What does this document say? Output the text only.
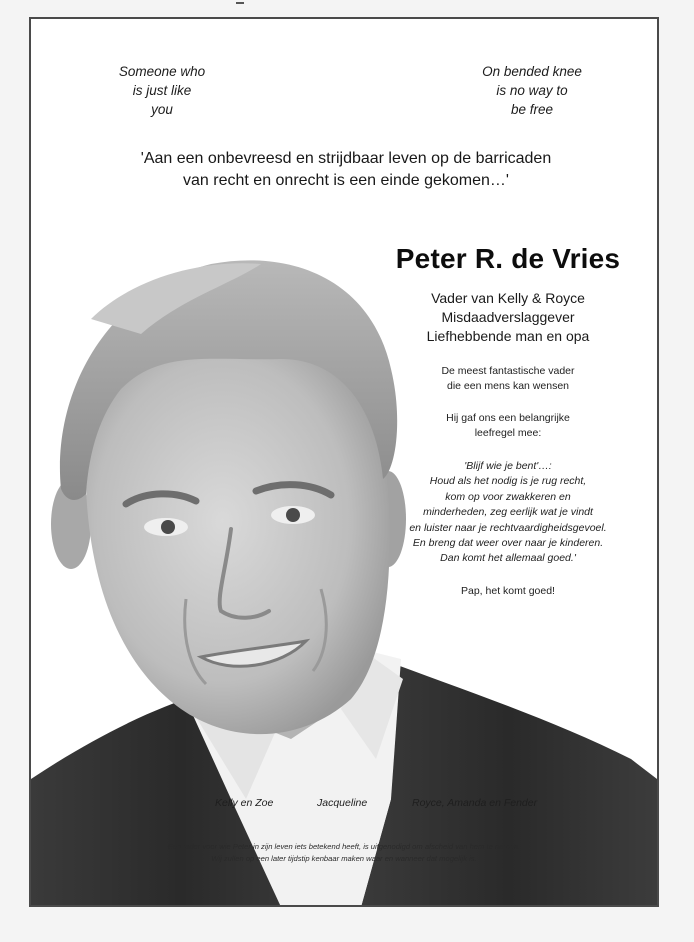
Someone who
is just like
you
On bended knee
is no way to
be free
'Aan een onbevreesd en strijdbaar leven op de barricaden
van recht en onrecht is een einde gekomen…'
Peter R. de Vries
Vader van Kelly & Royce
Misdaadverslaggever
Liefhebbende man en opa
De meest fantastische vader
die een mens kan wensen
Hij gaf ons een belangrijke
leefregel mee:
'Blijf wie je bent'…:
Houd als het nodig is je rug recht,
kom op voor zwakkeren en
minderheden, zeg eerlijk wat je vindt
en luister naar je rechtvaardigheidsgevoel.
En breng dat weer over naar je kinderen.
Dan komt het allemaal goed.'
Pap, het komt goed!
Kelly en Zoe	Jacqueline	Royce, Amanda en Fender
Een ieder voor wie Peter in zijn leven iets betekend heeft, is uitgenodigd om afscheid van hem te nemen.
Wij zullen op een later tijdstip kenbaar maken waar en wanneer dat mogelijk is.
